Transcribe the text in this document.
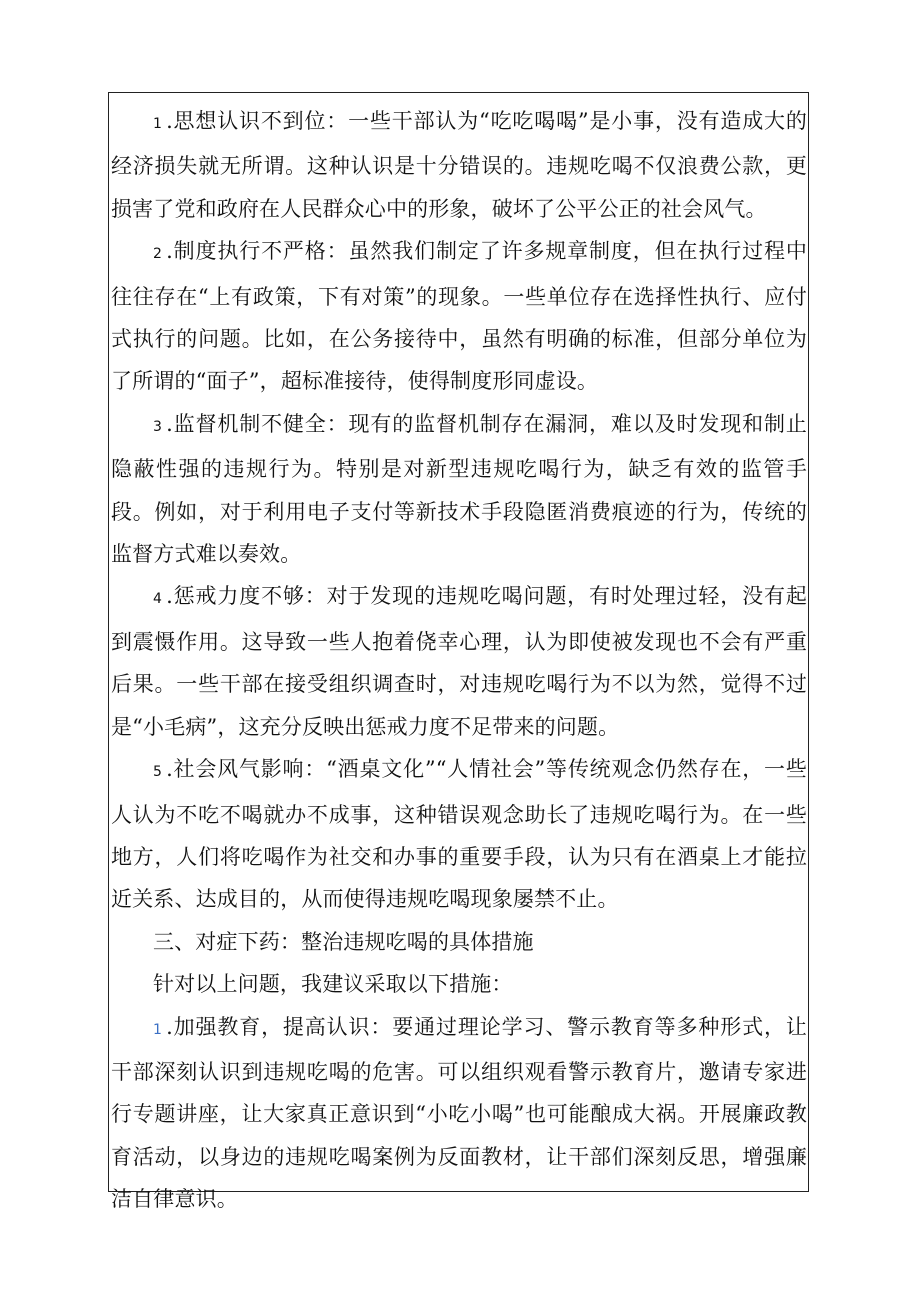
1 .思想认识不到位：一些干部认为“吃吃喝喝”是小事，没有造成大的经济损失就无所谓。这种认识是十分错误的。违规吃喝不仅浪费公款，更损害了党和政府在人民群众心中的形象，破坏了公平公正的社会风气。

2 .制度执行不严格：虽然我们制定了许多规章制度，但在执行过程中往往存在“上有政策，下有对策”的现象。一些单位存在选择性执行、应付式执行的问题。比如，在公务接待中，虽然有明确的标准，但部分单位为了所谓的“面子”，超标准接待，使得制度形同虚设。

3 .监督机制不健全：现有的监督机制存在漏洞，难以及时发现和制止隐蔽性强的违规行为。特别是对新型违规吃喝行为，缺乏有效的监管手段。例如，对于利用电子支付等新技术手段隐匿消费痕迹的行为，传统的监督方式难以奏效。

4 .惩戒力度不够：对于发现的违规吃喝问题，有时处理过轻，没有起到震慑作用。这导致一些人抱着侥幸心理，认为即使被发现也不会有严重后果。一些干部在接受组织调查时，对违规吃喝行为不以为然，觉得不过是“小毛病”，这充分反映出惩戒力度不足带来的问题。

5 .社会风气影响：“酒桌文化”“人情社会”等传统观念仍然存在，一些人认为不吃不喝就办不成事，这种错误观念助长了违规吃喝行为。在一些地方，人们将吃喝作为社交和办事的重要手段，认为只有在酒桌上才能拉近关系、达成目的，从而使得违规吃喝现象屡禁不止。

三、对症下药：整治违规吃喝的具体措施

针对以上问题，我建议采取以下措施：

1 .加强教育，提高认识：要通过理论学习、警示教育等多种形式，让干部深刻认识到违规吃喝的危害。可以组织观看警示教育片，邀请专家进行专题讲座，让大家真正意识到“小吃小喝”也可能酿成大祸。开展廉政教育活动，以身边的违规吃喝案例为反面教材，让干部们深刻反思，增强廉洁自律意识。
